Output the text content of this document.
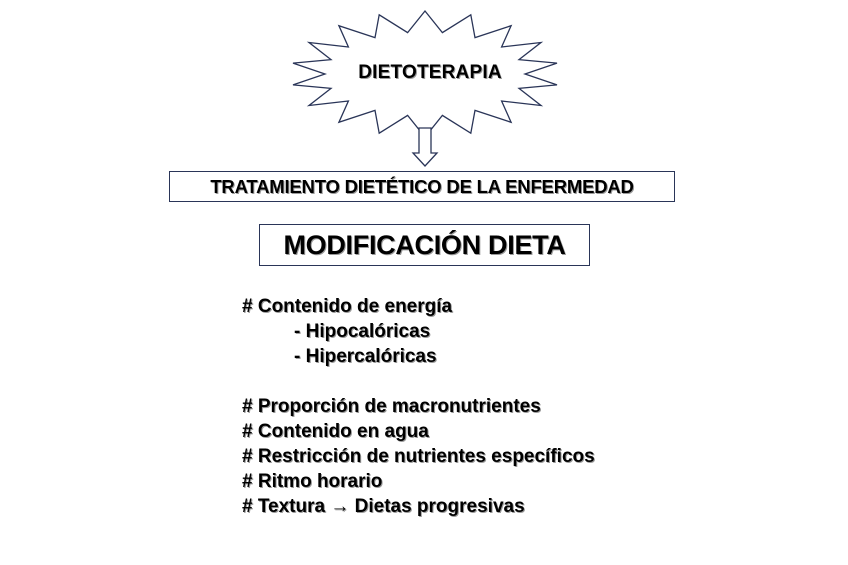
DIETOTERAPIA
TRATAMIENTO DIETÉTICO DE LA ENFERMEDAD
MODIFICACIÓN DIETA
# Contenido de energía
- Hipocalóricas
- Hipercalóricas
# Proporción de macronutrientes
# Contenido en agua
# Restricción de nutrientes específicos
# Ritmo horario
# Textura → Dietas progresivas
